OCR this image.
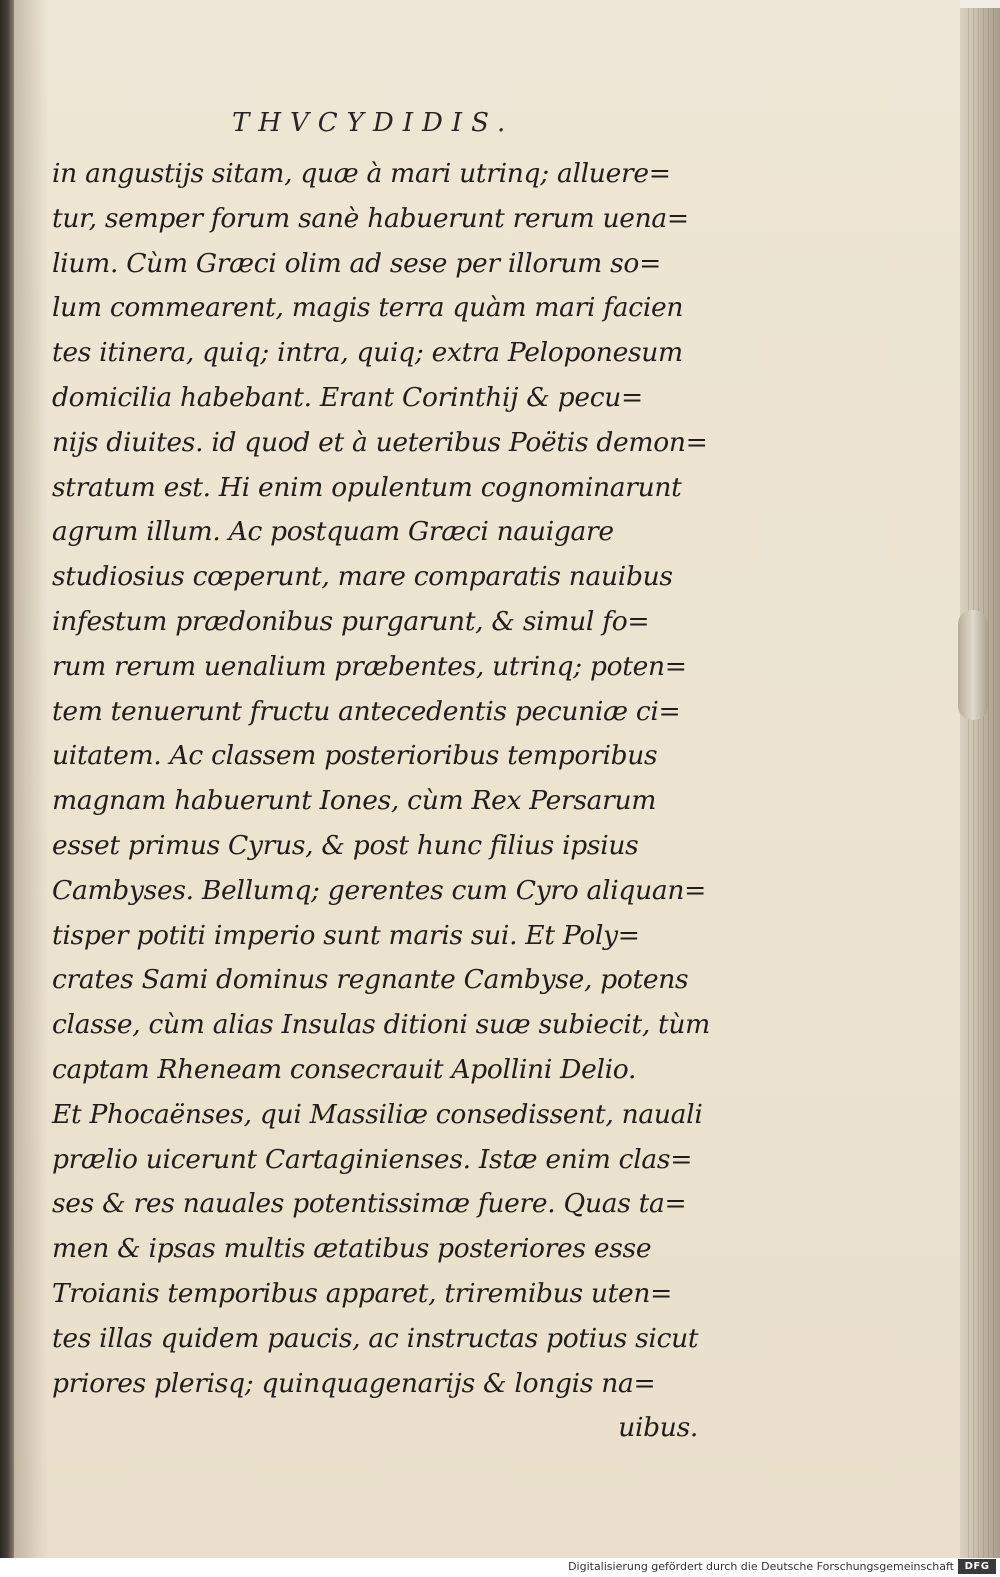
THVCYDIDIS.
in angustijs sitam, quæ à mari utrinq; alluere=
tur, semper forum sanè habuerunt rerum uena=
lium. Cùm Græci olim ad sese per illorum so=
lum commearent, magis terra quàm mari facien
tes itinera, quiq; intra, quiq; extra Peloponesum
domicilia habebant. Erant Corinthij & pecu=
nijs diuites. id quod et à ueteribus Poëtis demon=
stratum est. Hi enim opulentum cognominarunt
agrum illum. Ac postquam Græci nauigare
studiosius cœperunt, mare comparatis nauibus
infestum prædonibus purgarunt, & simul fo=
rum rerum uenalium præbentes, utrinq; poten=
tem tenuerunt fructu antecedentis pecuniæ ci=
uitatem. Ac classem posterioribus temporibus
magnam habuerunt Iones, cùm Rex Persarum
esset primus Cyrus, & post hunc filius ipsius
Cambyses. Bellumq; gerentes cum Cyro aliquan=
tisper potiti imperio sunt maris sui. Et Poly=
crates Sami dominus regnante Cambyse, potens
classe, cùm alias Insulas ditioni suæ subiecit, tùm
captam Rheneam consecrauit Apollini Delio.
Et Phocaënses, qui Massiliæ consedissent, nauali
prælio uicerunt Cartaginienses. Istæ enim clas=
ses & res nauales potentissimæ fuere. Quas ta=
men & ipsas multis ætatibus posteriores esse
Troianis temporibus apparet, triremibus uten=
tes illas quidem paucis, ac instructas potius sicut
priores plerisq; quinquagenarijs & longis na=
uibus.
Digitalisierung gefördert durch die Deutsche Forschungsgemeinschaft	DFG
